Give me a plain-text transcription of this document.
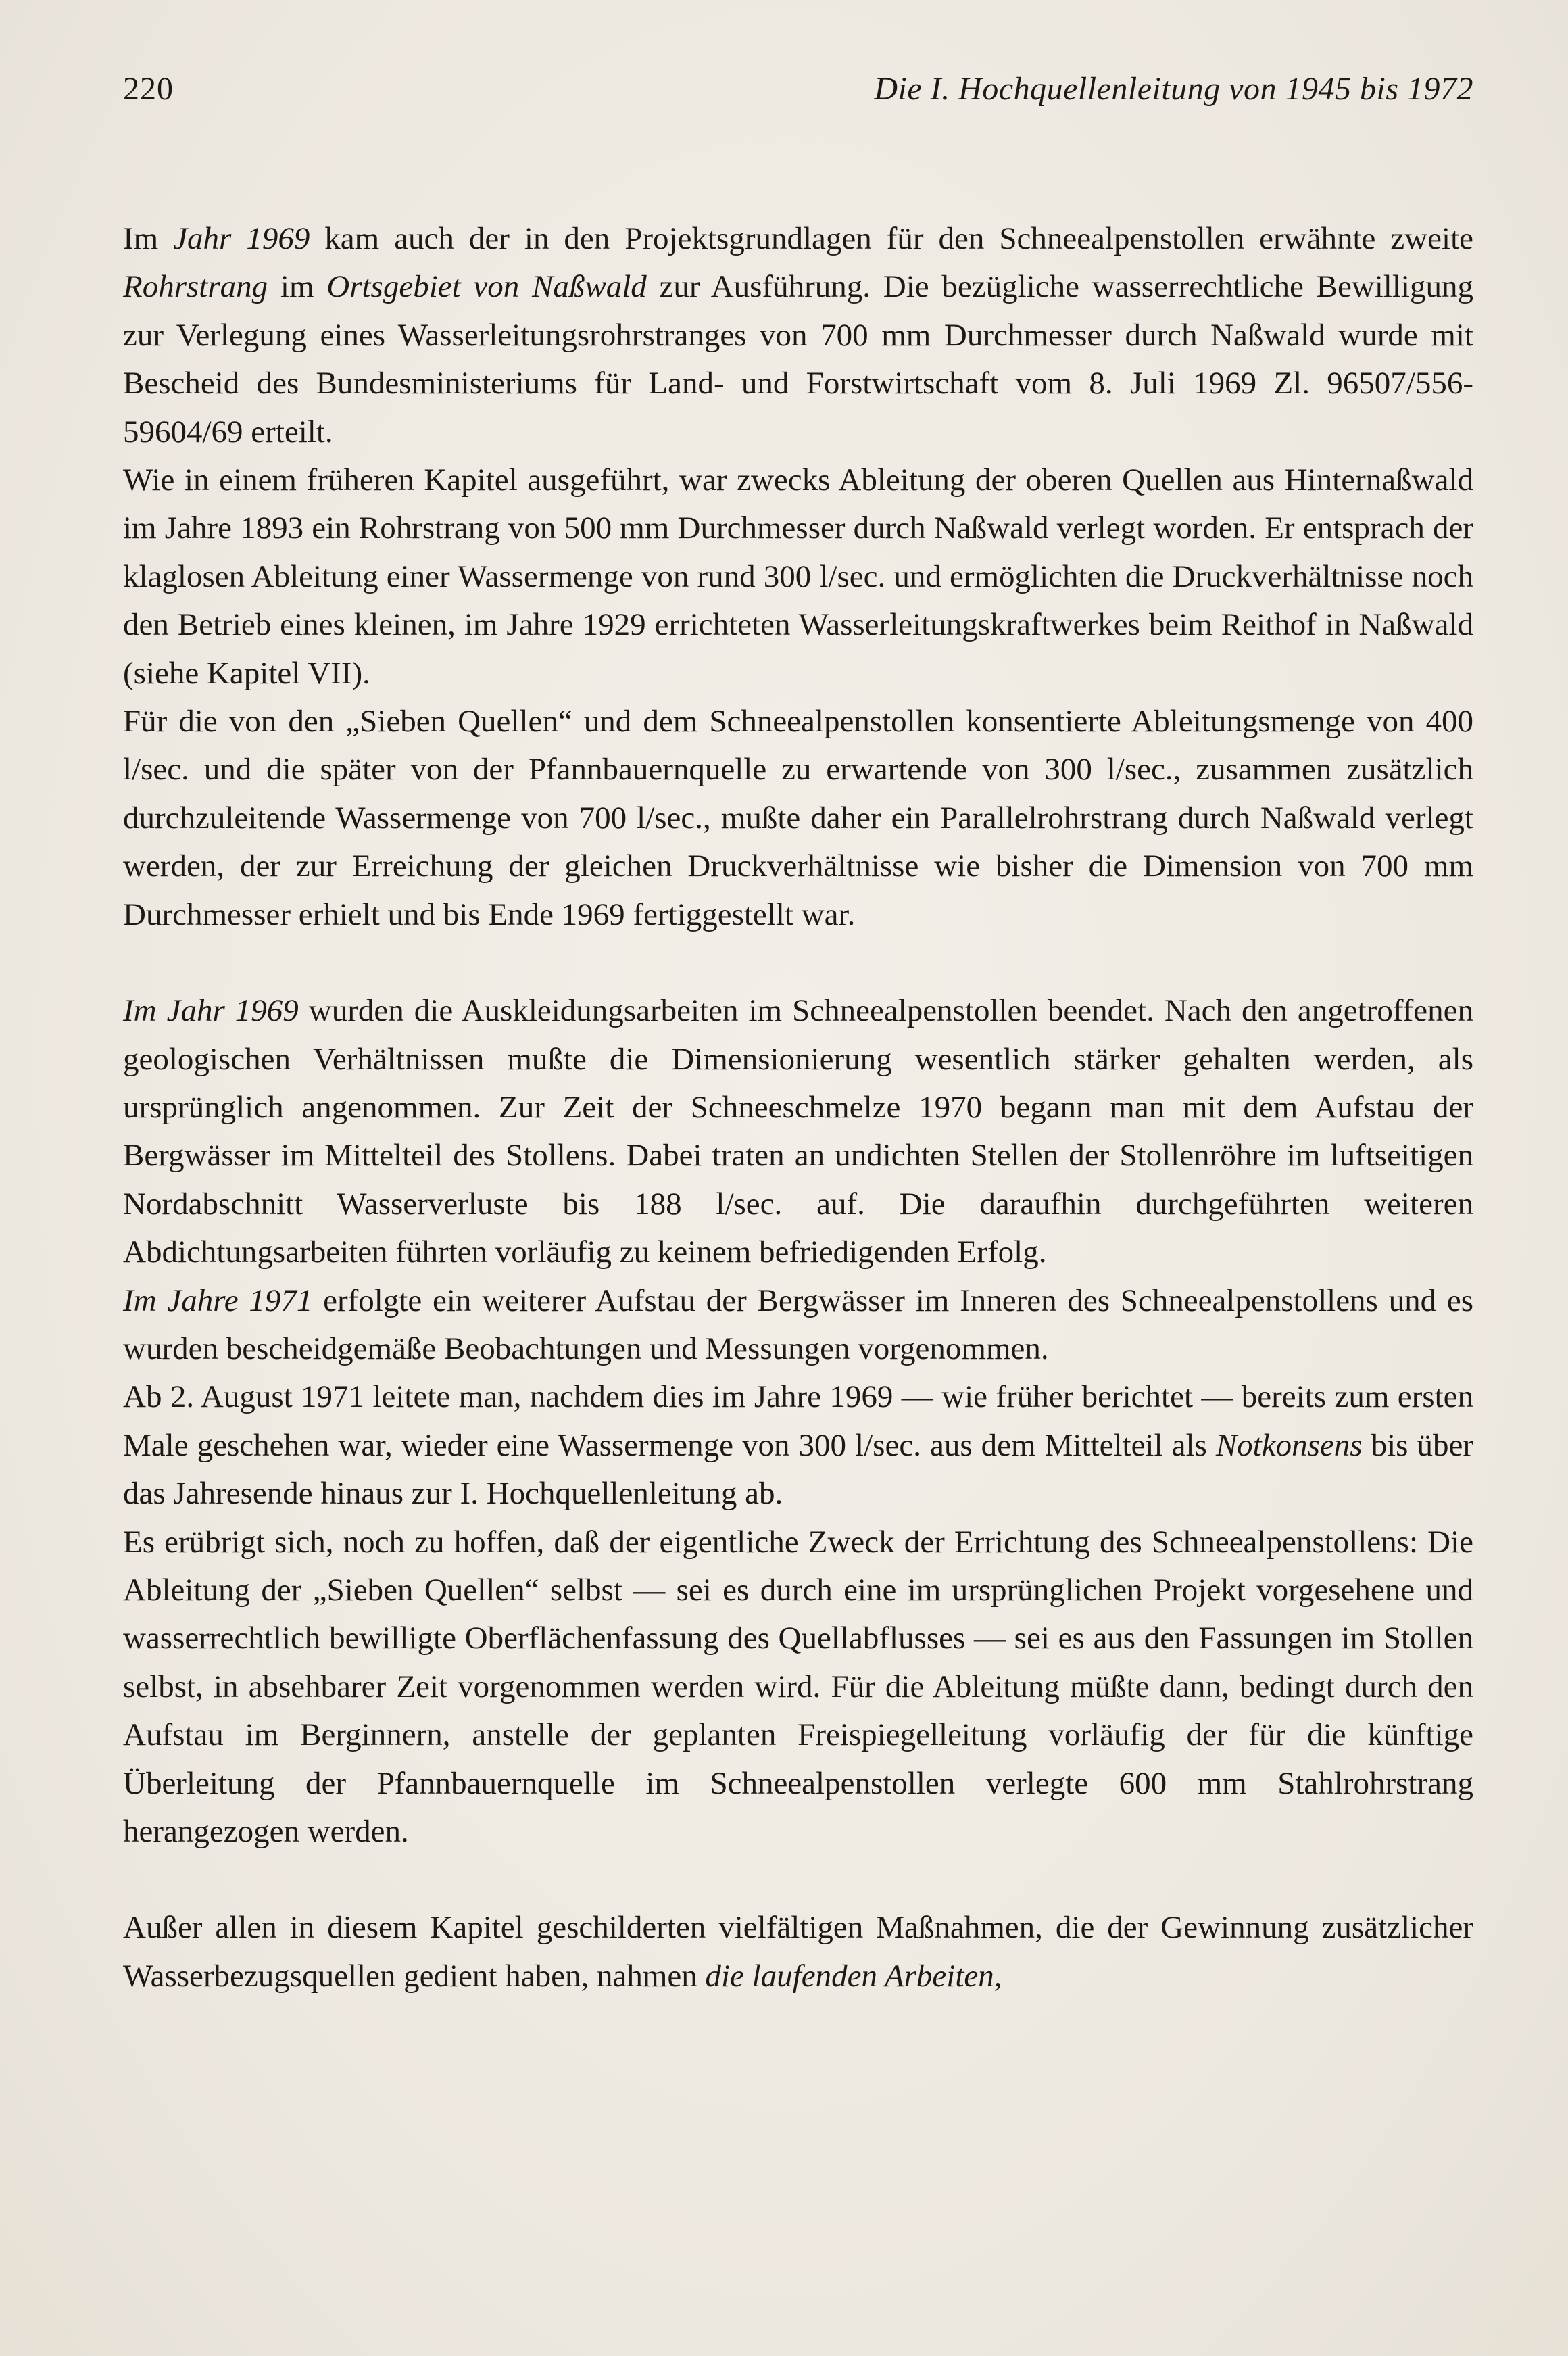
220	Die I. Hochquellenleitung von 1945 bis 1972

Im Jahr 1969 kam auch der in den Projektsgrundlagen für den Schneealpenstollen erwähnte zweite Rohrstrang im Ortsgebiet von Naßwald zur Ausführung. Die bezügliche wasserrechtliche Bewilligung zur Verlegung eines Wasserleitungsrohrstranges von 700 mm Durchmesser durch Naßwald wurde mit Bescheid des Bundesministeriums für Land- und Forstwirtschaft vom 8. Juli 1969 Zl. 96507/556-59604/69 erteilt.

Wie in einem früheren Kapitel ausgeführt, war zwecks Ableitung der oberen Quellen aus Hinternaßwald im Jahre 1893 ein Rohrstrang von 500 mm Durchmesser durch Naßwald verlegt worden. Er entsprach der klaglosen Ableitung einer Wassermenge von rund 300 l/sec. und ermöglichten die Druckverhältnisse noch den Betrieb eines kleinen, im Jahre 1929 errichteten Wasserleitungskraftwerkes beim Reithof in Naßwald (siehe Kapitel VII).

Für die von den „Sieben Quellen“ und dem Schneealpenstollen konsentierte Ableitungsmenge von 400 l/sec. und die später von der Pfannbauernquelle zu erwartende von 300 l/sec., zusammen zusätzlich durchzuleitende Wassermenge von 700 l/sec., mußte daher ein Parallelrohrstrang durch Naßwald verlegt werden, der zur Erreichung der gleichen Druckverhältnisse wie bisher die Dimension von 700 mm Durchmesser erhielt und bis Ende 1969 fertiggestellt war.

Im Jahr 1969 wurden die Auskleidungsarbeiten im Schneealpenstollen beendet. Nach den angetroffenen geologischen Verhältnissen mußte die Dimensionierung wesentlich stärker gehalten werden, als ursprünglich angenommen. Zur Zeit der Schneeschmelze 1970 begann man mit dem Aufstau der Bergwässer im Mittelteil des Stollens. Dabei traten an undichten Stellen der Stollenröhre im luftseitigen Nordabschnitt Wasserverluste bis 188 l/sec. auf. Die daraufhin durchgeführten weiteren Abdichtungsarbeiten führten vorläufig zu keinem befriedigenden Erfolg.

Im Jahre 1971 erfolgte ein weiterer Aufstau der Bergwässer im Inneren des Schneealpenstollens und es wurden bescheidgemäße Beobachtungen und Messungen vorgenommen.

Ab 2. August 1971 leitete man, nachdem dies im Jahre 1969 — wie früher berichtet — bereits zum ersten Male geschehen war, wieder eine Wassermenge von 300 l/sec. aus dem Mittelteil als Notkonsens bis über das Jahresende hinaus zur I. Hochquellenleitung ab.

Es erübrigt sich, noch zu hoffen, daß der eigentliche Zweck der Errichtung des Schneealpenstollens: Die Ableitung der „Sieben Quellen“ selbst — sei es durch eine im ursprünglichen Projekt vorgesehene und wasserrechtlich bewilligte Oberflächenfassung des Quellabflusses — sei es aus den Fassungen im Stollen selbst, in absehbarer Zeit vorgenommen werden wird. Für die Ableitung müßte dann, bedingt durch den Aufstau im Berginnern, anstelle der geplanten Freispiegelleitung vorläufig der für die künftige Überleitung der Pfannbauernquelle im Schneealpenstollen verlegte 600 mm Stahlrohrstrang herangezogen werden.

Außer allen in diesem Kapitel geschilderten vielfältigen Maßnahmen, die der Gewinnung zusätzlicher Wasserbezugsquellen gedient haben, nahmen die laufenden Arbeiten,
